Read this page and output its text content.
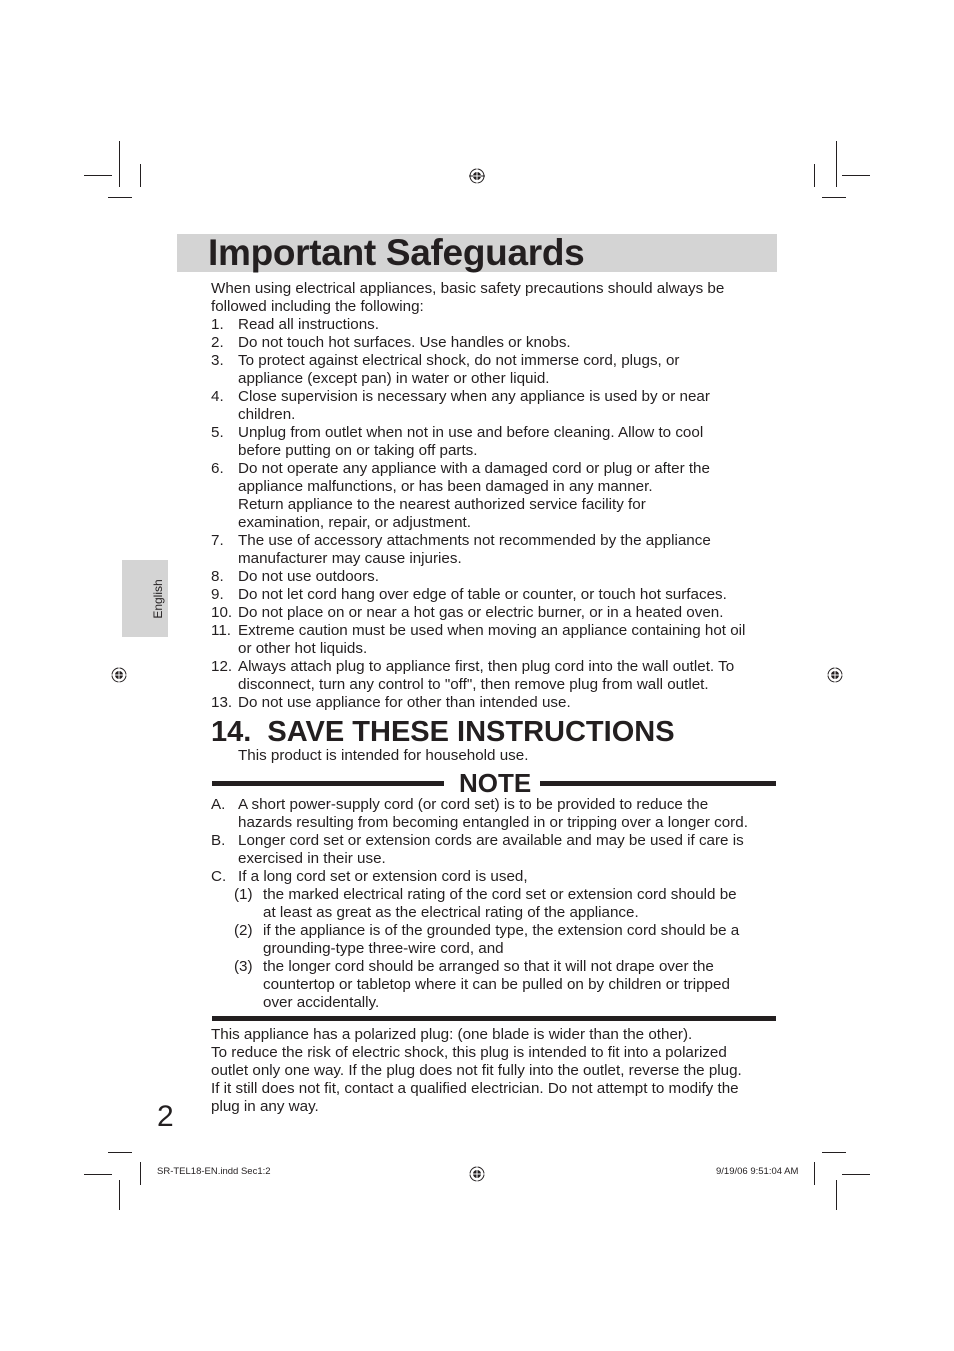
Important Safeguards
English
When using electrical appliances, basic safety precautions should always be
followed including the following:
1. Read all instructions.
2. Do not touch hot surfaces. Use handles or knobs.
3. To protect against electrical shock, do not immerse cord, plugs, or
appliance (except pan) in water or other liquid.
4. Close supervision is necessary when any appliance is used by or near
children.
5. Unplug from outlet when not in use and before cleaning. Allow to cool
before putting on or taking off parts.
6. Do not operate any appliance with a damaged cord or plug or after the
appliance malfunctions, or has been damaged in any manner.
Return appliance to the nearest authorized service facility for
examination, repair, or adjustment.
7. The use of accessory attachments not recommended by the appliance
manufacturer may cause injuries.
8. Do not use outdoors.
9. Do not let cord hang over edge of table or counter, or touch hot surfaces.
10. Do not place on or near a hot gas or electric burner, or in a heated oven.
11. Extreme caution must be used when moving an appliance containing hot oil
or other hot liquids.
12. Always attach plug to appliance first, then plug cord into the wall outlet. To
disconnect, turn any control to "off", then remove plug from wall outlet.
13. Do not use appliance for other than intended use.
14.  SAVE THESE INSTRUCTIONS
This product is intended for household use.
NOTE
A. A short power-supply cord (or cord set) is to be provided to reduce the
hazards resulting from becoming entangled in or tripping over a longer cord.
B. Longer cord set or extension cords are available and may be used if care is
exercised in their use.
C. If a long cord set or extension cord is used,
(1) the marked electrical rating of the cord set or extension cord should be
at least as great as the electrical rating of the appliance.
(2) if the appliance is of the grounded type, the extension cord should be a
grounding-type three-wire cord, and
(3) the longer cord should be arranged so that it will not drape over the
countertop or tabletop where it can be pulled on by children or tripped
over accidentally.
This appliance has a polarized plug: (one blade is wider than the other).
To reduce the risk of electric shock, this plug is intended to fit into a polarized
outlet only one way. If the plug does not fit fully into the outlet, reverse the plug.
If it still does not fit, contact a qualified electrician. Do not attempt to modify the
plug in any way.
2
SR-TEL18-EN.indd Sec1:2	9/19/06 9:51:04 AM
